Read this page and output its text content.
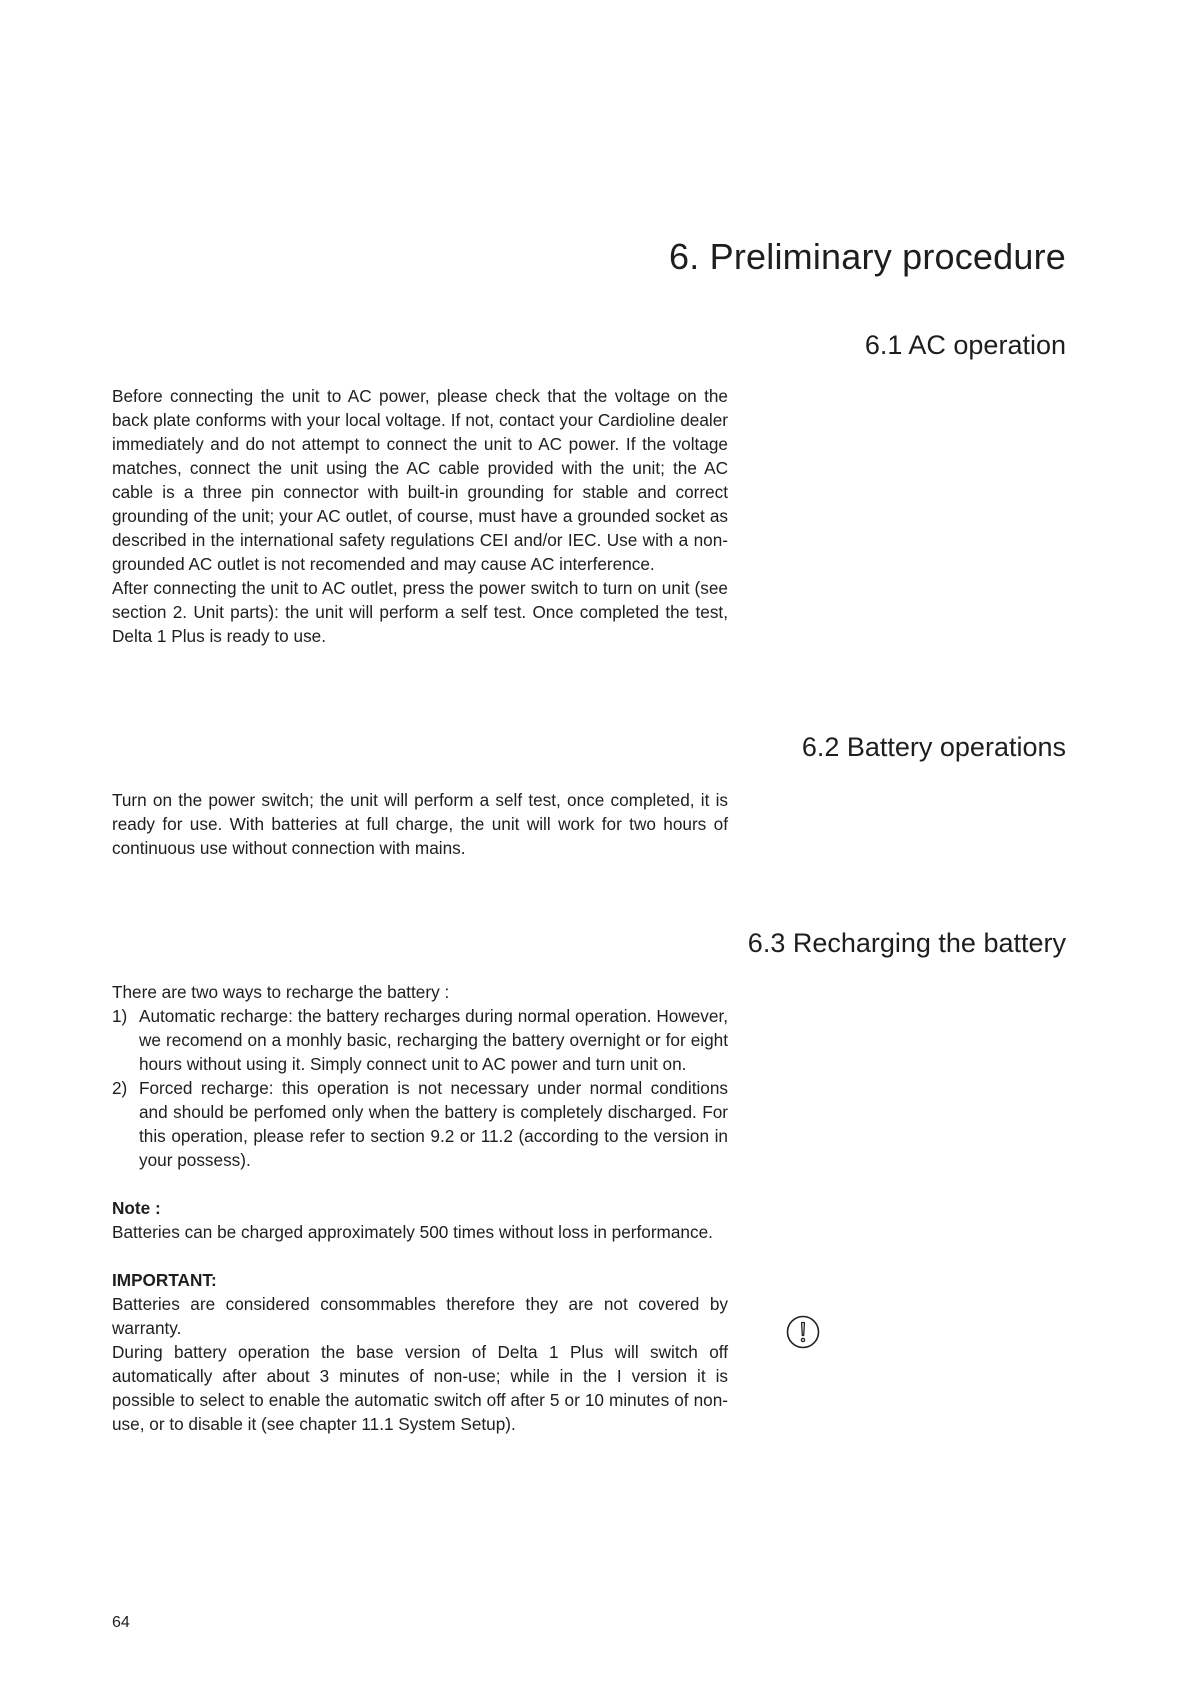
6. Preliminary procedure
6.1 AC operation

Before connecting the unit to AC power, please check that the voltage on the back plate conforms with your local voltage. If not, contact your Cardioline dealer immediately and do not attempt to connect the unit to AC power. If the voltage matches, connect the unit using the AC cable provided with the unit; the AC cable is a three pin connector with built-in grounding for stable and correct grounding of the unit; your AC outlet, of course, must have a grounded socket as described in the international safety regulations CEI and/or IEC. Use with a non-grounded AC outlet is not recomended and may cause AC interference.

After connecting the unit to AC outlet, press the power switch to turn on unit (see section 2. Unit parts): the unit will perform a self test. Once completed the test, Delta 1 Plus is ready to use.

6.2 Battery operations

Turn on the power switch; the unit will perform a self test, once completed, it is ready for use. With batteries at full charge, the unit will work for two hours of continuous use without connection with mains.

6.3 Recharging the battery

There are two ways to recharge the battery :

1) Automatic recharge: the battery recharges during normal operation. However, we recomend on a monhly basic, recharging the battery overnight or for eight hours without using it. Simply connect unit to AC power and turn unit on.
2) Forced recharge: this operation is not necessary under normal conditions and should be perfomed only when the battery is completely discharged. For this operation, please refer to section 9.2 or 11.2 (according to the version in your possess).

Note :

Batteries can be charged approximately 500 times without loss in performance.

IMPORTANT:

Batteries are considered consommables therefore they are not covered by warranty.

During battery operation the base version of Delta 1 Plus will switch off automatically after about 3 minutes of non-use; while in the I version it is possible to select to enable the automatic switch off after 5 or 10 minutes of non-use, or to disable it (see chapter 11.1 System Setup).

64
